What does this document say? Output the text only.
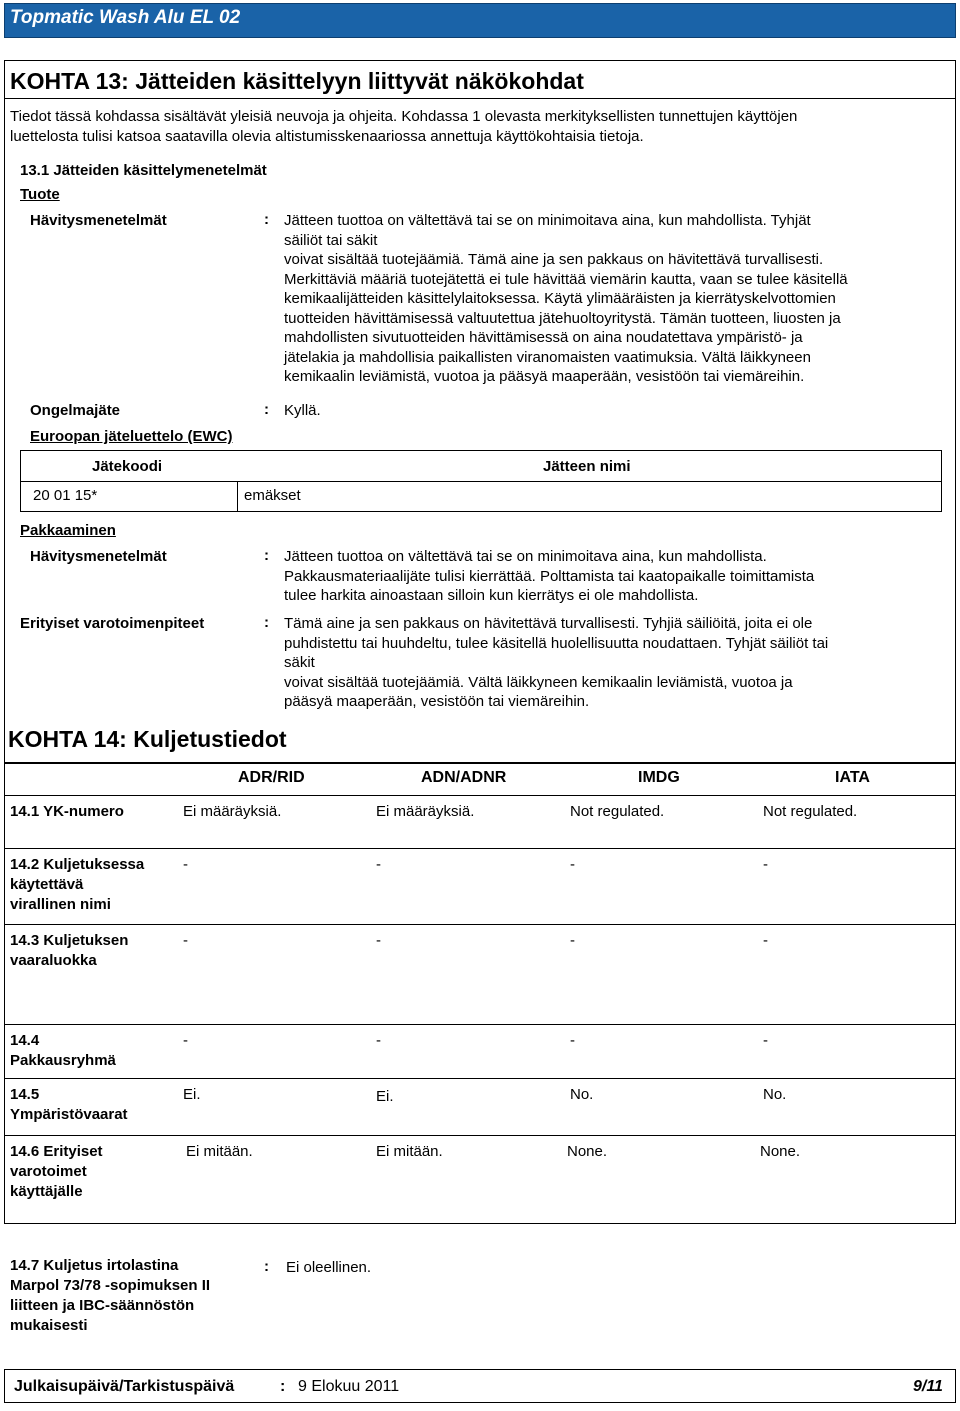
Topmatic Wash Alu EL 02
KOHTA 13: Jätteiden käsittelyyn liittyvät näkökohdat
Tiedot tässä kohdassa sisältävät yleisiä neuvoja ja ohjeita. Kohdassa 1 olevasta merkityksellisten tunnettujen käyttöjen
luettelosta tulisi katsoa saatavilla olevia altistumisskenaariossa annettuja käyttökohtaisia tietoja.
13.1 Jätteiden käsittelymenetelmät
Tuote
Hävitysmenetelmät	: Jätteen tuottoa on vältettävä tai se on minimoitava aina, kun mahdollista. Tyhjät
säiliöt tai säkit
voivat sisältää tuotejäämiä. Tämä aine ja sen pakkaus on hävitettävä turvallisesti.
Merkittäviä määriä tuotejätettä ei tule hävittää viemärin kautta, vaan se tulee käsitellä
kemikaalijätteiden käsittelylaitoksessa. Käytä ylimääräisten ja kierrätyskelvottomien
tuotteiden hävittämisessä valtuutettua jätehuoltoyritystä. Tämän tuotteen, liuosten ja
mahdollisten sivutuotteiden hävittämisessä on aina noudatettava ympäristö- ja
jätelakia ja mahdollisia paikallisten viranomaisten vaatimuksia. Vältä läikkyneen
kemikaalin leviämistä, vuotoa ja pääsyä maaperään, vesistöön tai viemäreihin.
Ongelmajäte	: Kyllä.
Euroopan jäteluettelo (EWC)
Jätekoodi	Jätteen nimi
20 01 15*	emäkset
Pakkaaminen
Hävitysmenetelmät	: Jätteen tuottoa on vältettävä tai se on minimoitava aina, kun mahdollista.
Pakkausmateriaalijäte tulisi kierrättää. Polttamista tai kaatopaikalle toimittamista
tulee harkita ainoastaan silloin kun kierrätys ei ole mahdollista.
Erityiset varotoimenpiteet	: Tämä aine ja sen pakkaus on hävitettävä turvallisesti. Tyhjiä säiliöitä, joita ei ole
puhdistettu tai huuhdeltu, tulee käsitellä huolellisuutta noudattaen. Tyhjät säiliöt tai
säkit
voivat sisältää tuotejäämiä. Vältä läikkyneen kemikaalin leviämistä, vuotoa ja
pääsyä maaperään, vesistöön tai viemäreihin.
KOHTA 14: Kuljetustiedot
ADR/RID	ADN/ADNR	IMDG	IATA
14.1 YK-numero	Ei määräyksiä.	Ei määräyksiä.	Not regulated.	Not regulated.
14.2 Kuljetuksessa
käytettävä
virallinen nimi
-	-	-	-
14.3 Kuljetuksen
vaaraluokka
-	-	-	-
14.4
Pakkausryhmä
-	-	-	-
14.5
Ympäristövaarat
Ei.	Ei.	No.	No.
14.6 Erityiset
varotoimet
käyttäjälle
Ei mitään.	Ei mitään.	None.	None.
14.7 Kuljetus irtolastina
Marpol 73/78 -sopimuksen II
liitteen ja IBC-säännöstön
mukaisesti
: Ei oleellinen.
Julkaisupäivä/Tarkistuspäivä	: 9 Elokuu 2011	9/11
